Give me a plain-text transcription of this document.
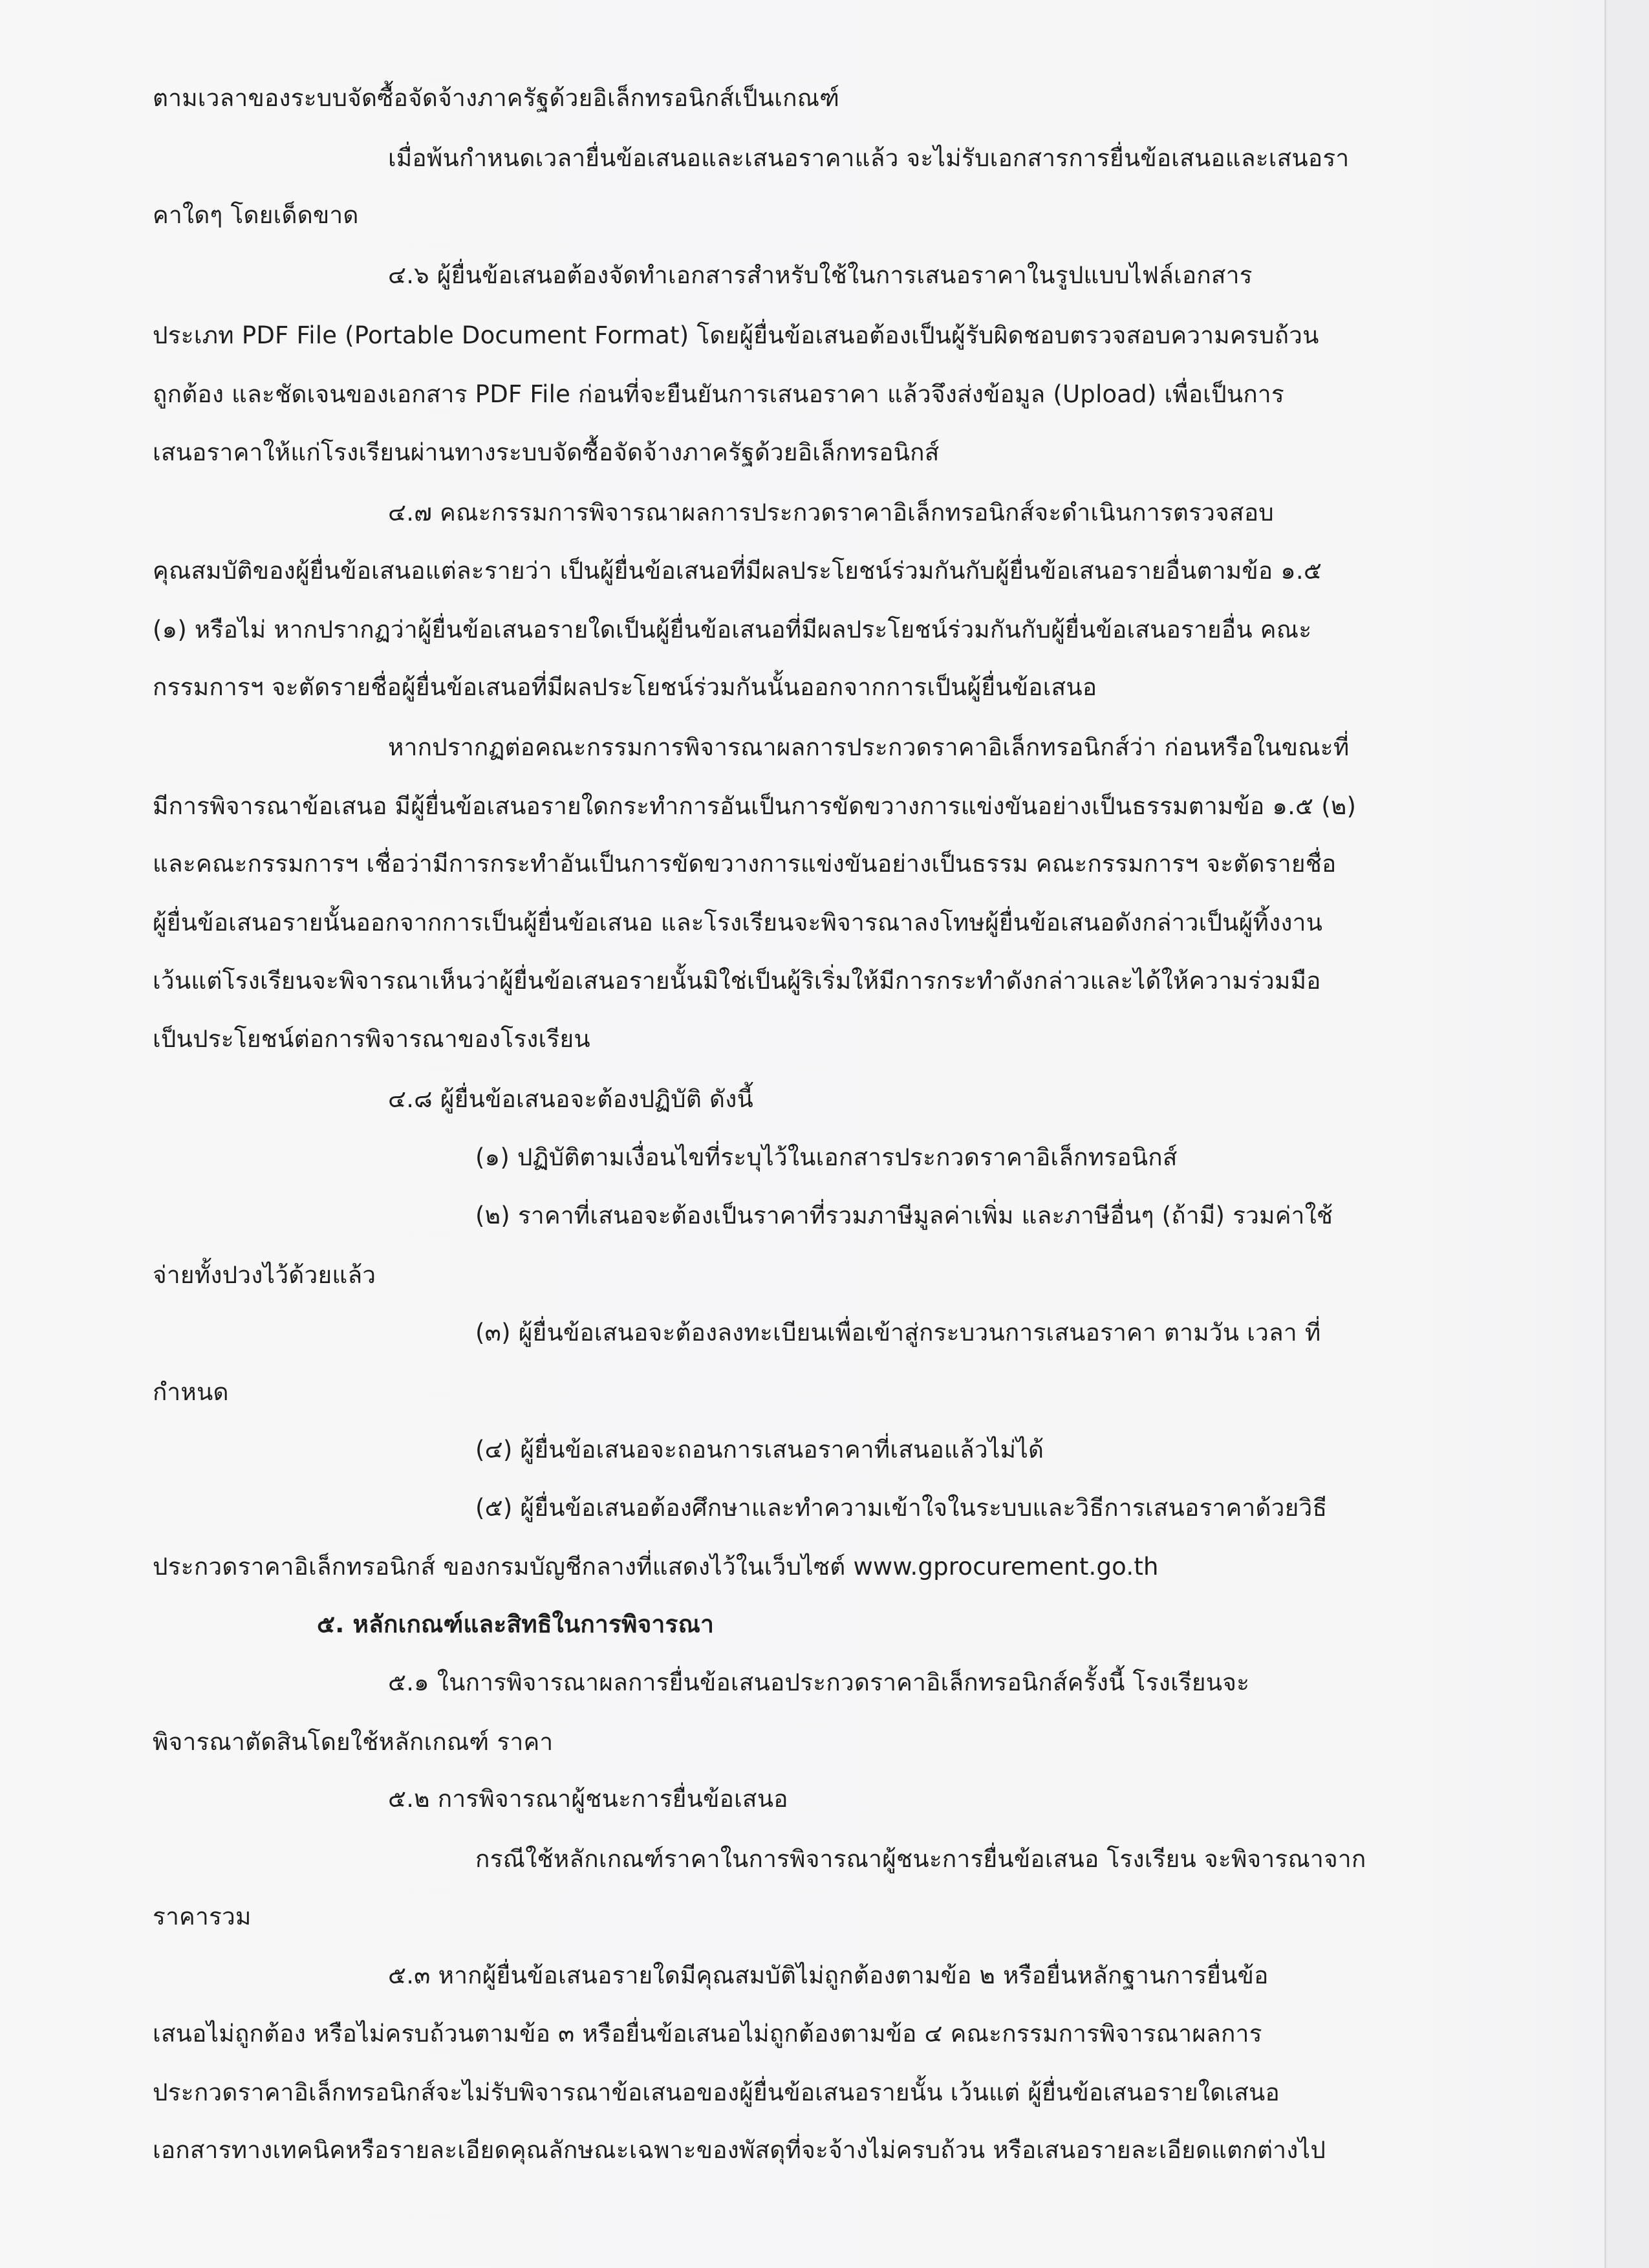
ตามเวลาของระบบจัดซื้อจัดจ้างภาครัฐด้วยอิเล็กทรอนิกส์เป็นเกณฑ์
เมื่อพ้นกำหนดเวลายื่นข้อเสนอและเสนอราคาแล้ว จะไม่รับเอกสารการยื่นข้อเสนอและเสนอรา
คาใดๆ โดยเด็ดขาด
๔.๖ ผู้ยื่นข้อเสนอต้องจัดทำเอกสารสำหรับใช้ในการเสนอราคาในรูปแบบไฟล์เอกสาร
ประเภท PDF File (Portable Document Format) โดยผู้ยื่นข้อเสนอต้องเป็นผู้รับผิดชอบตรวจสอบความครบถ้วน
ถูกต้อง และชัดเจนของเอกสาร PDF File ก่อนที่จะยืนยันการเสนอราคา แล้วจึงส่งข้อมูล (Upload) เพื่อเป็นการ
เสนอราคาให้แก่โรงเรียนผ่านทางระบบจัดซื้อจัดจ้างภาครัฐด้วยอิเล็กทรอนิกส์
๔.๗ คณะกรรมการพิจารณาผลการประกวดราคาอิเล็กทรอนิกส์จะดำเนินการตรวจสอบ
คุณสมบัติของผู้ยื่นข้อเสนอแต่ละรายว่า เป็นผู้ยื่นข้อเสนอที่มีผลประโยชน์ร่วมกันกับผู้ยื่นข้อเสนอรายอื่นตามข้อ ๑.๕
(๑) หรือไม่ หากปรากฏว่าผู้ยื่นข้อเสนอรายใดเป็นผู้ยื่นข้อเสนอที่มีผลประโยชน์ร่วมกันกับผู้ยื่นข้อเสนอรายอื่น คณะ
กรรมการฯ จะตัดรายชื่อผู้ยื่นข้อเสนอที่มีผลประโยชน์ร่วมกันนั้นออกจากการเป็นผู้ยื่นข้อเสนอ
หากปรากฏต่อคณะกรรมการพิจารณาผลการประกวดราคาอิเล็กทรอนิกส์ว่า ก่อนหรือในขณะที่
มีการพิจารณาข้อเสนอ มีผู้ยื่นข้อเสนอรายใดกระทำการอันเป็นการขัดขวางการแข่งขันอย่างเป็นธรรมตามข้อ ๑.๕ (๒)
และคณะกรรมการฯ เชื่อว่ามีการกระทำอันเป็นการขัดขวางการแข่งขันอย่างเป็นธรรม คณะกรรมการฯ จะตัดรายชื่อ
ผู้ยื่นข้อเสนอรายนั้นออกจากการเป็นผู้ยื่นข้อเสนอ และโรงเรียนจะพิจารณาลงโทษผู้ยื่นข้อเสนอดังกล่าวเป็นผู้ทิ้งงาน
เว้นแต่โรงเรียนจะพิจารณาเห็นว่าผู้ยื่นข้อเสนอรายนั้นมิใช่เป็นผู้ริเริ่มให้มีการกระทำดังกล่าวและได้ให้ความร่วมมือ
เป็นประโยชน์ต่อการพิจารณาของโรงเรียน
๔.๘ ผู้ยื่นข้อเสนอจะต้องปฏิบัติ ดังนี้
(๑) ปฏิบัติตามเงื่อนไขที่ระบุไว้ในเอกสารประกวดราคาอิเล็กทรอนิกส์
(๒) ราคาที่เสนอจะต้องเป็นราคาที่รวมภาษีมูลค่าเพิ่ม และภาษีอื่นๆ (ถ้ามี) รวมค่าใช้
จ่ายทั้งปวงไว้ด้วยแล้ว
(๓) ผู้ยื่นข้อเสนอจะต้องลงทะเบียนเพื่อเข้าสู่กระบวนการเสนอราคา ตามวัน เวลา ที่
กำหนด
(๔) ผู้ยื่นข้อเสนอจะถอนการเสนอราคาที่เสนอแล้วไม่ได้
(๕) ผู้ยื่นข้อเสนอต้องศึกษาและทำความเข้าใจในระบบและวิธีการเสนอราคาด้วยวิธี
ประกวดราคาอิเล็กทรอนิกส์ ของกรมบัญชีกลางที่แสดงไว้ในเว็บไซต์ www.gprocurement.go.th
๕. หลักเกณฑ์และสิทธิในการพิจารณา
๕.๑ ในการพิจารณาผลการยื่นข้อเสนอประกวดราคาอิเล็กทรอนิกส์ครั้งนี้ โรงเรียนจะ
พิจารณาตัดสินโดยใช้หลักเกณฑ์ ราคา
๕.๒ การพิจารณาผู้ชนะการยื่นข้อเสนอ
กรณีใช้หลักเกณฑ์ราคาในการพิจารณาผู้ชนะการยื่นข้อเสนอ โรงเรียน จะพิจารณาจาก
ราคารวม
๕.๓ หากผู้ยื่นข้อเสนอรายใดมีคุณสมบัติไม่ถูกต้องตามข้อ ๒ หรือยื่นหลักฐานการยื่นข้อ
เสนอไม่ถูกต้อง หรือไม่ครบถ้วนตามข้อ ๓ หรือยื่นข้อเสนอไม่ถูกต้องตามข้อ ๔ คณะกรรมการพิจารณาผลการ
ประกวดราคาอิเล็กทรอนิกส์จะไม่รับพิจารณาข้อเสนอของผู้ยื่นข้อเสนอรายนั้น เว้นแต่ ผู้ยื่นข้อเสนอรายใดเสนอ
เอกสารทางเทคนิคหรือรายละเอียดคุณลักษณะเฉพาะของพัสดุที่จะจ้างไม่ครบถ้วน หรือเสนอรายละเอียดแตกต่างไป
